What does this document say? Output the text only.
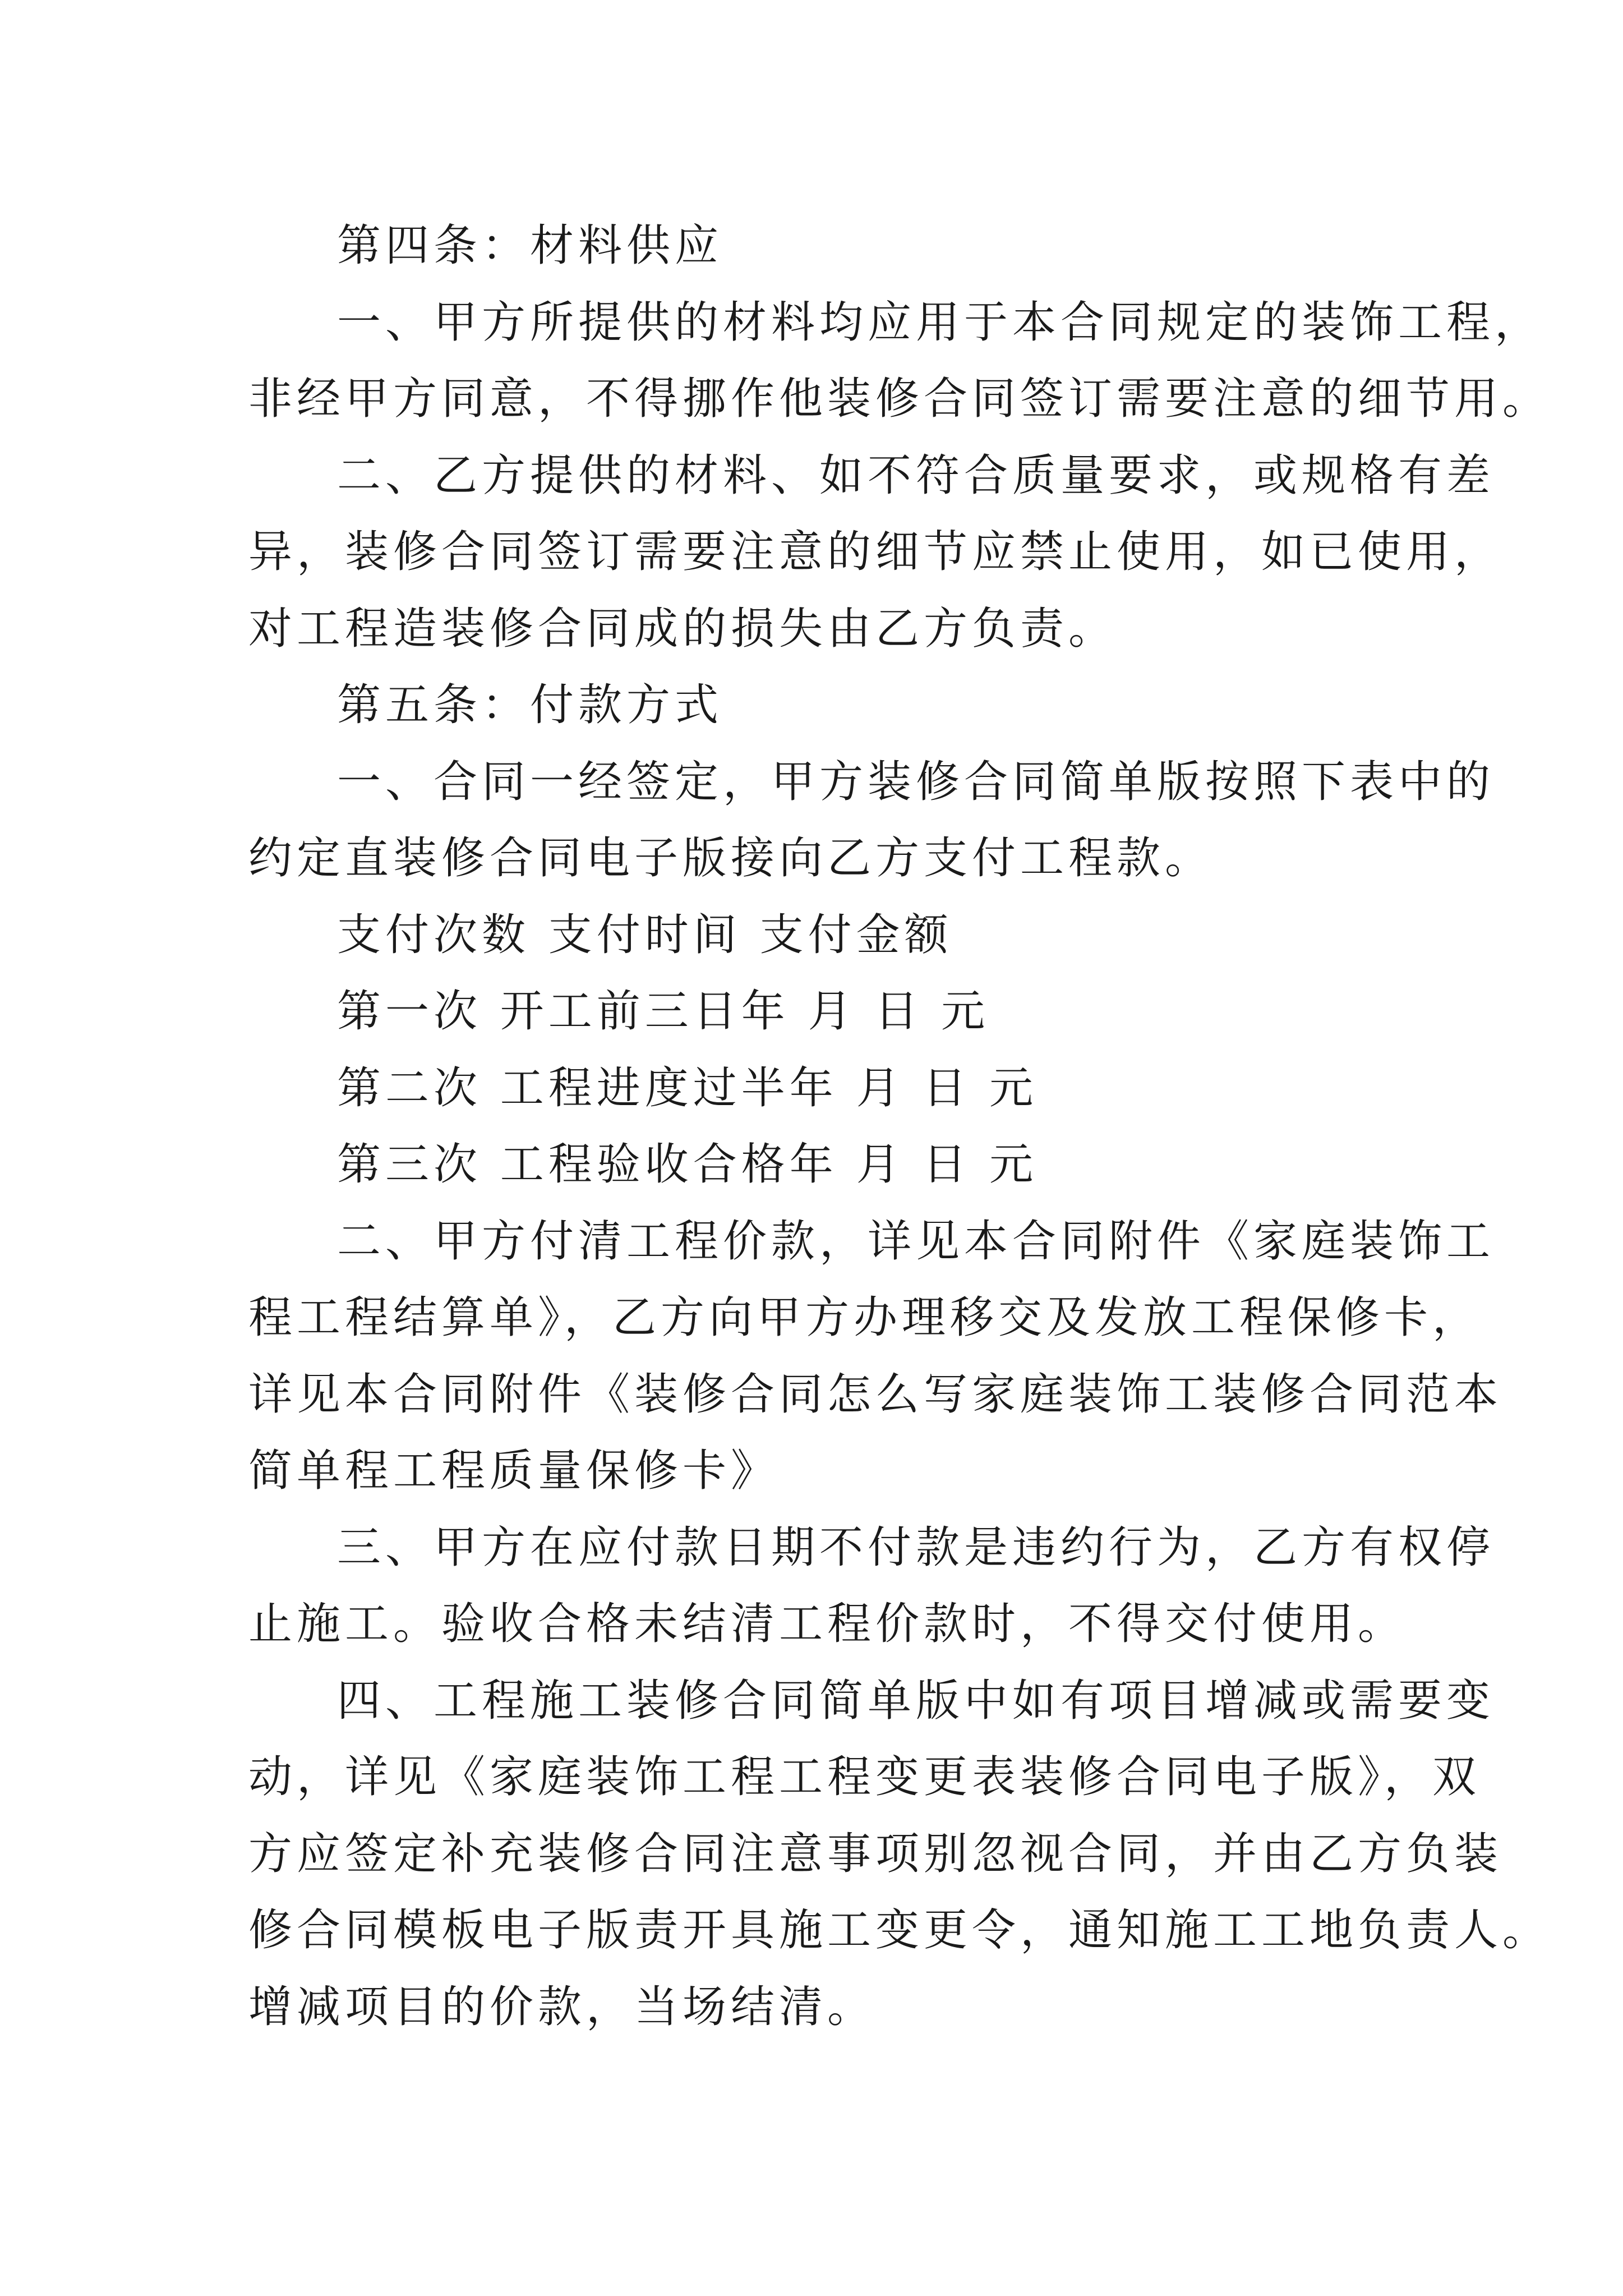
第四条：材料供应
一、甲方所提供的材料均应用于本合同规定的装饰工程，
非经甲方同意，不得挪作他装修合同签订需要注意的细节用。
二、乙方提供的材料、如不符合质量要求，或规格有差
异，装修合同签订需要注意的细节应禁止使用，如已使用，
对工程造装修合同成的损失由乙方负责。
第五条：付款方式
一、合同一经签定，甲方装修合同简单版按照下表中的
约定直装修合同电子版接向乙方支付工程款。
支付次数 支付时间 支付金额
第一次 开工前三日年 月 日 元
第二次 工程进度过半年 月 日 元
第三次 工程验收合格年 月 日 元
二、甲方付清工程价款，详见本合同附件《家庭装饰工
程工程结算单》，乙方向甲方办理移交及发放工程保修卡，
详见本合同附件《装修合同怎么写家庭装饰工装修合同范本
简单程工程质量保修卡》
三、甲方在应付款日期不付款是违约行为，乙方有权停
止施工。验收合格未结清工程价款时，不得交付使用。
四、工程施工装修合同简单版中如有项目增减或需要变
动，详见《家庭装饰工程工程变更表装修合同电子版》，双
方应签定补充装修合同注意事项别忽视合同，并由乙方负装
修合同模板电子版责开具施工变更令，通知施工工地负责人。
增减项目的价款，当场结清。
